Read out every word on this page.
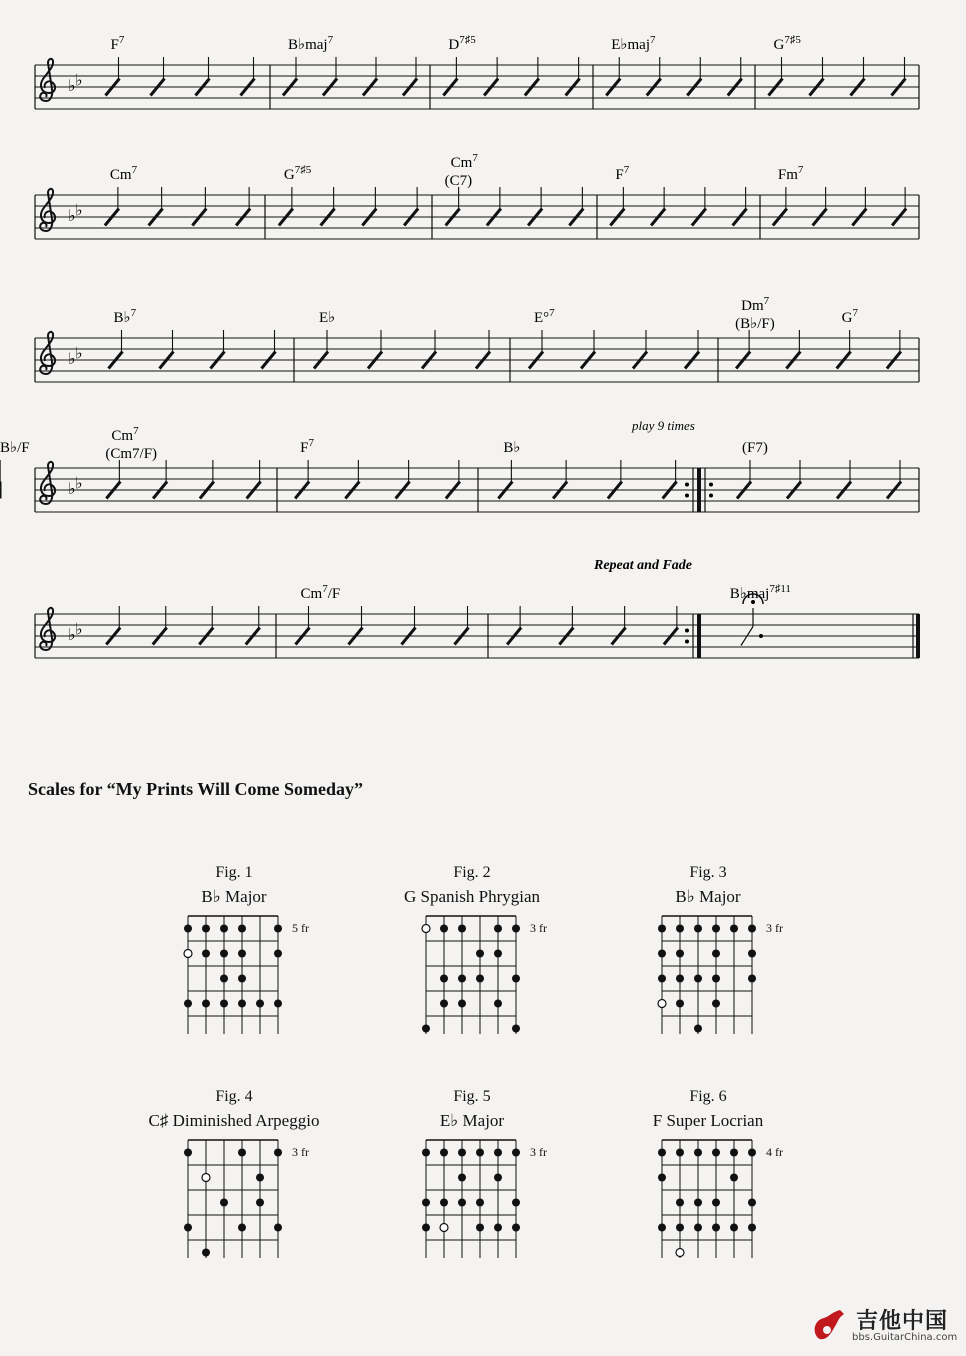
♭ ♭
$F^7$	B♭maj$^7$	$D^{7♯5}$	E♭maj$^7$	$G^{7♯5}$
♭ ♭
Cm$^7$	$G^{7♯5}$	Cm$^7$
(C7)	$F^7$	Fm$^7$
♭ ♭
B♭$^7$	E♭	E°$^7$	Dm$^7$
(B♭/F)	$G^7$
♭ ♭
Cm$^7$
(Cm7/F)	$F^7$	B♭	(F7)
B♭/F
play 9 times
♭ ♭
Cm$^7$/F	B♭maj$^{7♯11}$
Repeat and Fade
Scales for “My Prints Will Come Someday”
Fig. 1
B♭ Major
5 fr
Fig. 2
G Spanish Phrygian
3 fr
Fig. 3
B♭ Major
3 fr
Fig. 4
C♯ Diminished Arpeggio
3 fr
Fig. 5
E♭ Major
3 fr
Fig. 6
F Super Locrian
4 fr
吉他中国
bbs.GuitarChina.com
